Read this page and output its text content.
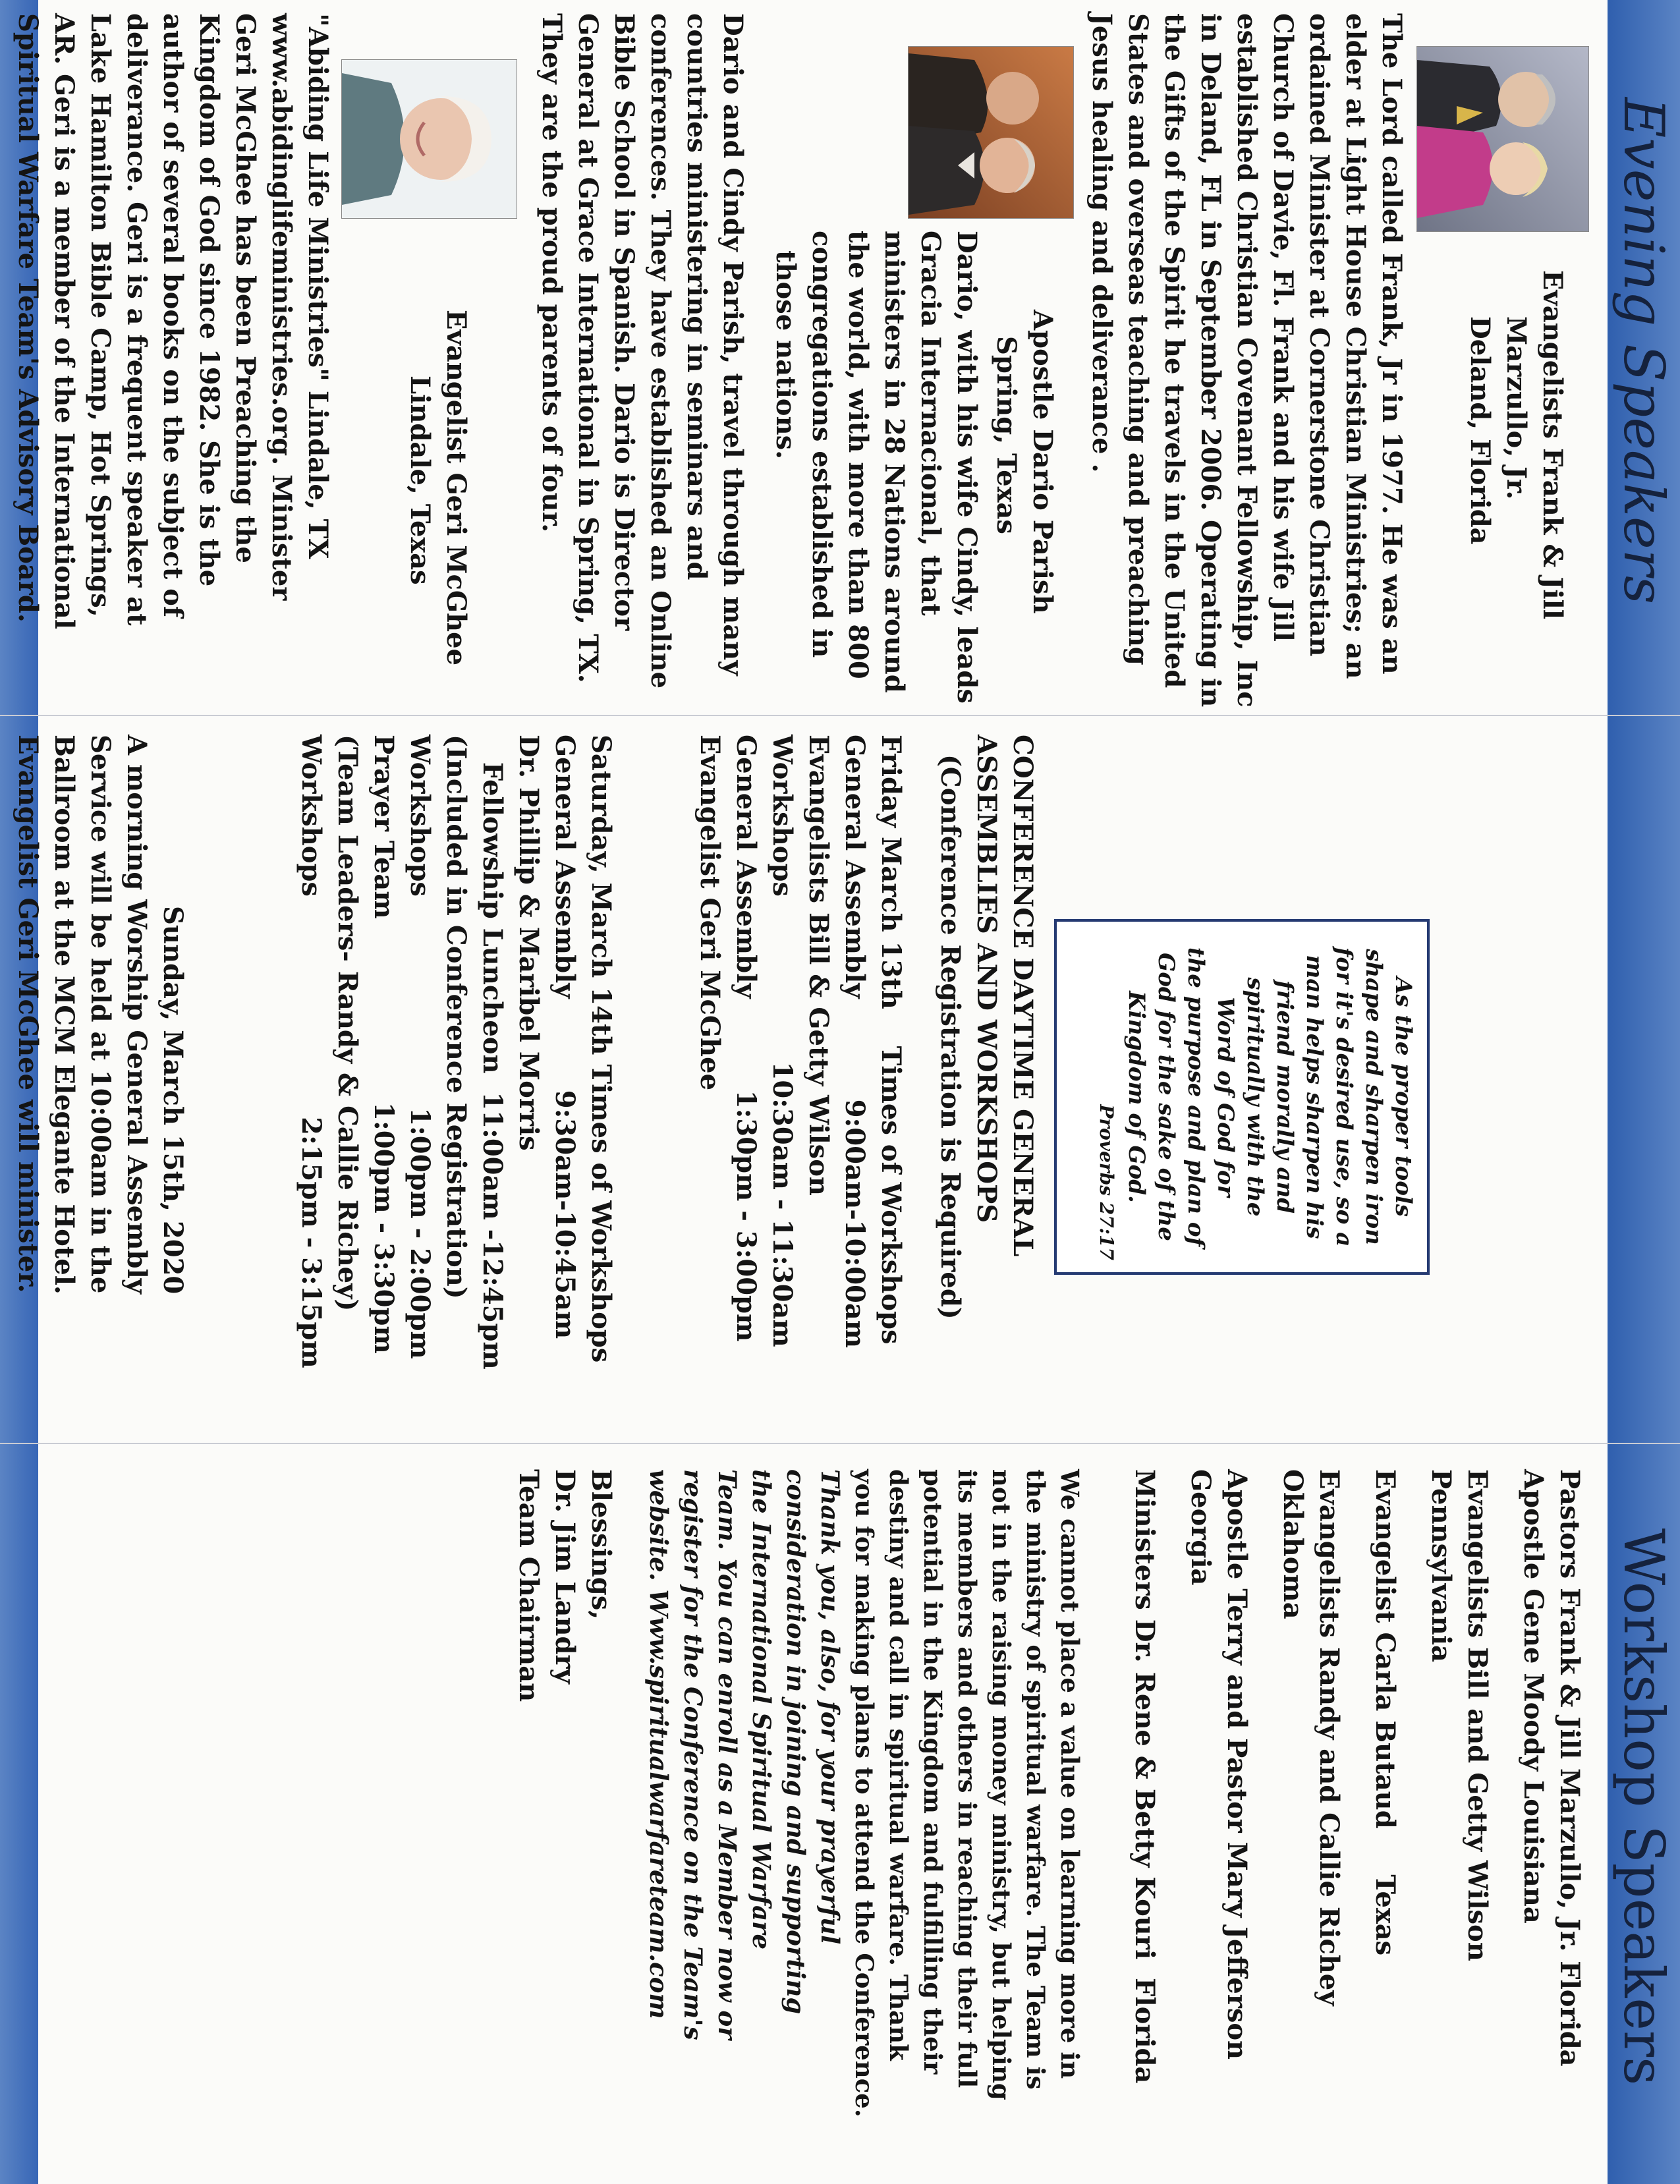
Evening Speakers
Evangelists Frank & Jill
Marzullo, Jr.
Deland, Florida
The Lord called Frank, Jr in 1977. He was an
elder at Light House Christian Ministries; an
ordained Minister at Cornerstone Christian
Church of Davie, Fl. Frank and his wife Jill
established Christian Covenant Fellowship, Inc
in Deland, FL in September 2006. Operating in
the Gifts of the Spirit he travels in the United
States and overseas teaching and preaching
Jesus healing and deliverance .
Apostle Dario Parish
Spring, Texas
Dario, with his wife Cindy, leads
Gracia Internacional, that
ministers in 28 Nations around
the world, with more than 800
congregations established in
those nations.
Dario and Cindy Parish, travel through many
countries ministering in seminars and
conferences. They have established an Online
Bible School in Spanish. Dario is Director
General at Grace International in Spring, TX.
They are the proud parents of four.
Evangelist Geri McGhee
Lindale, Texas
"Abiding Life Ministries" Lindale, TX
www.abidinglifeministries.org. Minister
Geri McGhee has been Preaching the
Kingdom of God since 1982. She is the
author of several books on the subject of
deliverance. Geri is a frequent speaker at
Lake Hamilton Bible Camp, Hot Springs,
AR. Geri is a member of the International
Spiritual Warfare Team's Advisory Board.
As the proper tools
shape and sharpen iron
for it's desired use, so a
man helps sharpen his
friend morally and
spiritually with the
Word of God for
the purpose and plan of
God for the sake of the
Kingdom of God.
Proverbs 27:17
CONFERENCE DAYTIME GENERAL
ASSEMBLIES AND WORKSHOPS
(Conference Registration is Required)
Friday March 13th    Times of Workshops
General Assembly           9:00am-10:00am
Evangelists Bill & Getty Wilson
Workshops                  10:30am - 11:30am
General Assembly          1:30pm - 3:00pm
Evangelist Geri McGhee
Saturday, March 14th Times of Workshops
General Assembly          9:30am-10:45am
Dr. Phillip & Maribel Morris
Fellowship Luncheon  11:00am -12:45pm
(Included in Conference Registration)
Workshops                       1:00pm - 2:00pm
Prayer Team                    1:00pm - 3:30pm
(Team Leaders- Randy & Callie Richey)
Workshops                        2:15pm - 3:15pm
Sunday, March 15th, 2020
A morning Worship General Assembly
Service will be held at 10:00am in the
Ballroom at the MCM Elegante Hotel.
Evangelist Geri McGhee will minister.
Workshop Speakers
Pastors Frank & Jill Marzullo, Jr. Florida
Apostle Gene Moody Louisiana
Evangelists Bill and Getty Wilson
Pennsylvania
Evangelist Carla Butaud     Texas
Evangelists Randy and Callie Richey
Oklahoma
Apostle Terry and Pastor Mary Jefferson
Georgia
Ministers Dr. Rene & Betty Kouri  Florida
We cannot place a value on learning more in
the ministry of spiritual warfare. The Team is
not in the raising money ministry, but helping
its members and others in reaching their full
potential in the Kingdom and fulfilling their
destiny and call in spiritual warfare. Thank
you for making plans to attend the Conference.
Thank you, also, for your prayerful
consideration in joining and supporting
the International Spiritual Warfare
Team. You can enroll as a Member now or
register for the Conference on the Team's
website. Www.spiritualwarfareteam.com
Blessings,
Dr. Jim Landry
Team Chairman
